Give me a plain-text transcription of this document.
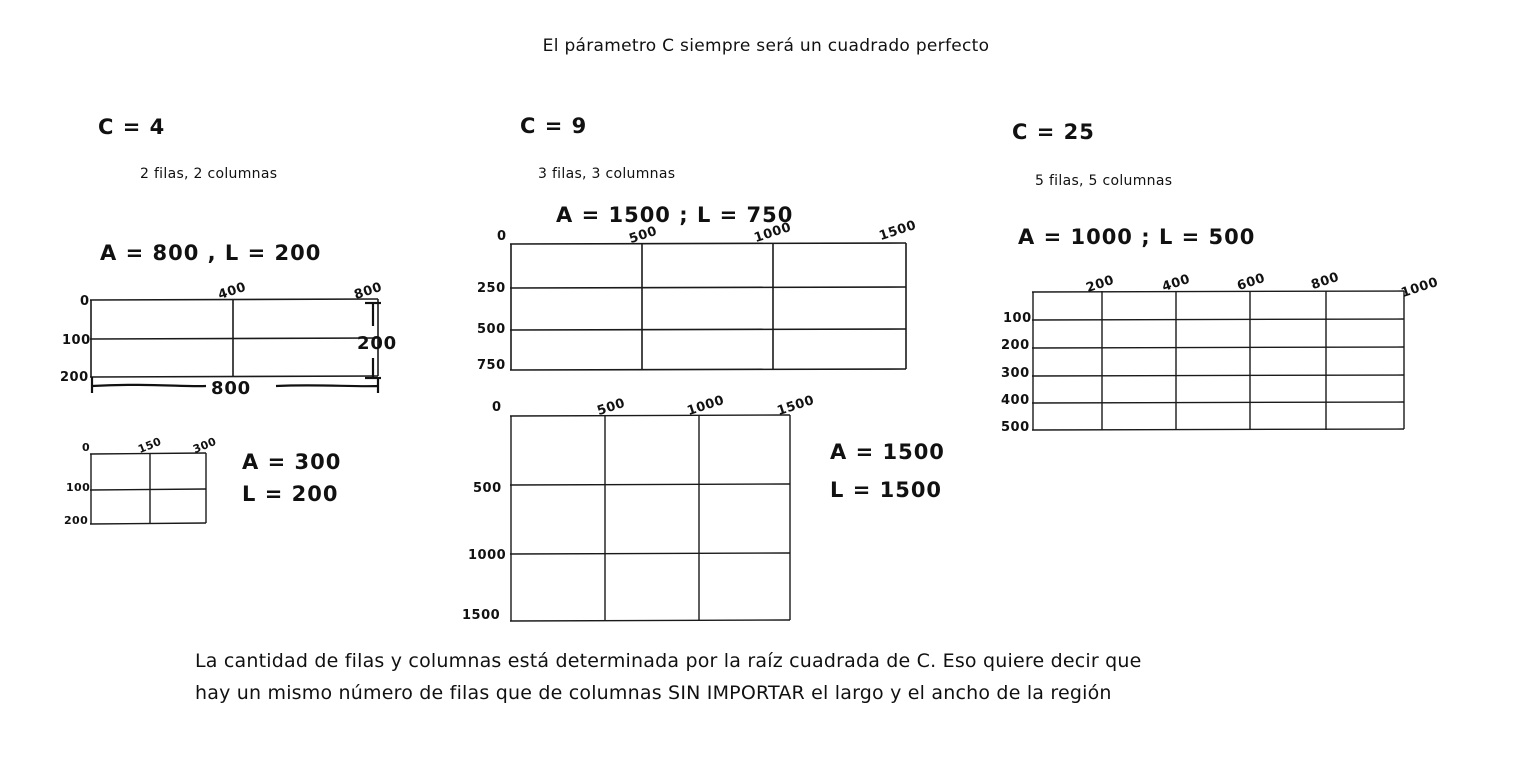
El párametro C siempre será un cuadrado perfecto
C = 4
2 filas, 2 columnas
A = 800 , L = 200
0	400	800
100
200
800
200
0	150	300
100
200
A = 300
L = 200
C = 9
3 filas, 3 columnas
A = 1500 ; L = 750
0	500	1000	1500
250
500
750
0	500	1000	1500
500
1000
1500
A = 1500
L = 1500
C = 25
5 filas, 5 columnas
A = 1000 ; L = 500
200	400	600	800	1000
100
200
300
400
500
La cantidad de filas y columnas está determinada por la raíz cuadrada de C. Eso quiere decir que
hay un mismo número de filas que de columnas SIN IMPORTAR el largo y el ancho de la región
